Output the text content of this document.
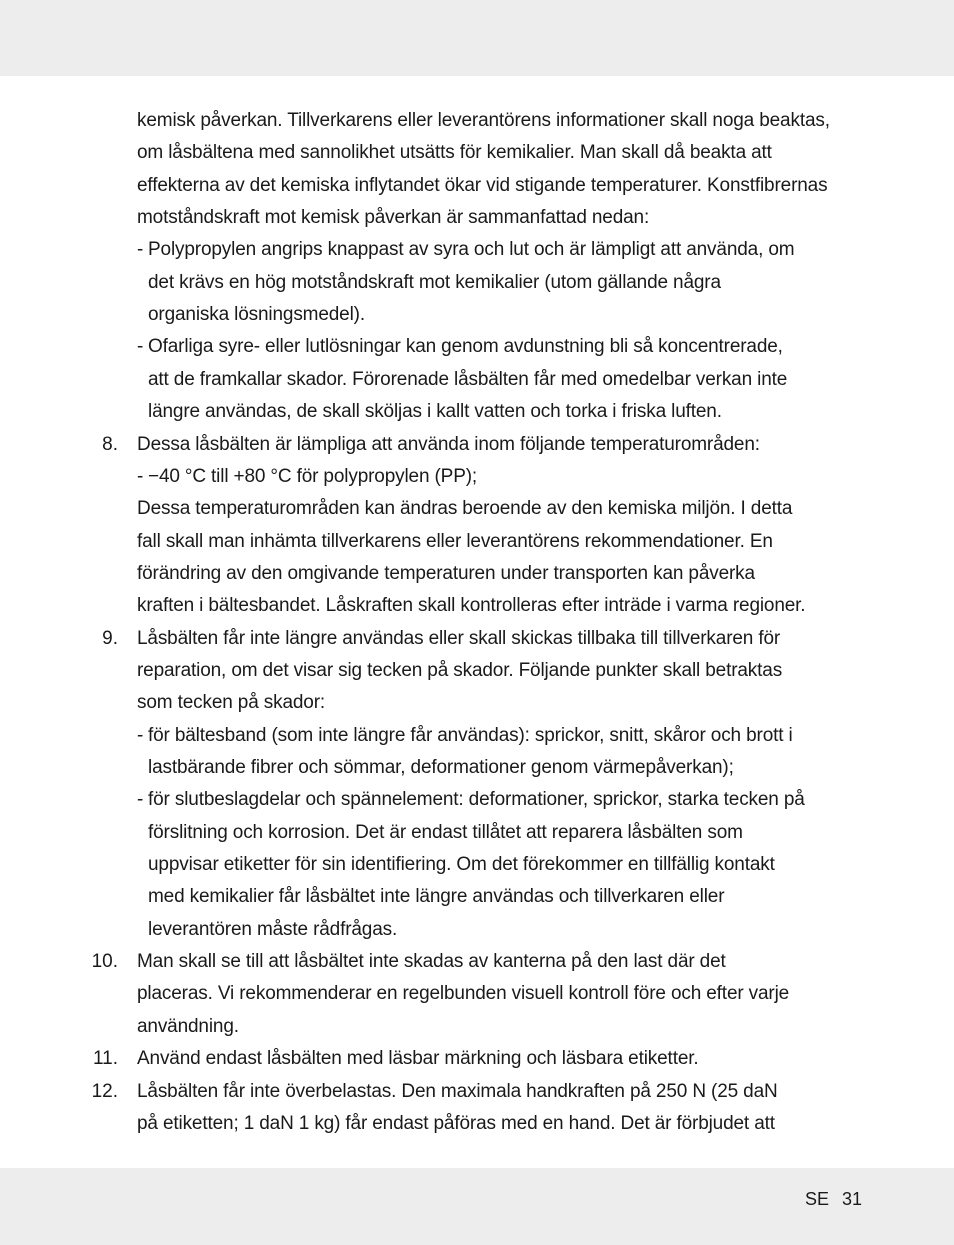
kemisk påverkan. Tillverkarens eller leverantörens informationer skall noga beaktas,
om låsbältena med sannolikhet utsätts för kemikalier. Man skall då beakta att
effekterna av det kemiska inflytandet ökar vid stigande temperaturer. Konstfibrernas
motståndskraft mot kemisk påverkan är sammanfattad nedan:
- Polypropylen angrips knappast av syra och lut och är lämpligt att använda, om
det krävs en hög motståndskraft mot kemikalier (utom gällande några
organiska lösningsmedel).
- Ofarliga syre- eller lutlösningar kan genom avdunstning bli så koncentrerade,
att de framkallar skador. Förorenade låsbälten får med omedelbar verkan inte
längre användas, de skall sköljas i kallt vatten och torka i friska luften.
8. Dessa låsbälten är lämpliga att använda inom följande temperaturområden:
- −40 °C till +80 °C för polypropylen (PP);
Dessa temperaturområden kan ändras beroende av den kemiska miljön. I detta
fall skall man inhämta tillverkarens eller leverantörens rekommendationer. En
förändring av den omgivande temperaturen under transporten kan påverka
kraften i bältesbandet. Låskraften skall kontrolleras efter inträde i varma regioner.
9. Låsbälten får inte längre användas eller skall skickas tillbaka till tillverkaren för
reparation, om det visar sig tecken på skador. Följande punkter skall betraktas
som tecken på skador:
- för bältesband (som inte längre får användas): sprickor, snitt, skåror och brott i
lastbärande fibrer och sömmar, deformationer genom värmepåverkan);
- för slutbeslagdelar och spännelement: deformationer, sprickor, starka tecken på
förslitning och korrosion. Det är endast tillåtet att reparera låsbälten som
uppvisar etiketter för sin identifiering. Om det förekommer en tillfällig kontakt
med kemikalier får låsbältet inte längre användas och tillverkaren eller
leverantören måste rådfrågas.
10. Man skall se till att låsbältet inte skadas av kanterna på den last där det
placeras. Vi rekommenderar en regelbunden visuell kontroll före och efter varje
användning.
11. Använd endast låsbälten med läsbar märkning och läsbara etiketter.
12. Låsbälten får inte överbelastas. Den maximala handkraften på 250 N (25 daN
på etiketten; 1 daN 1 kg) får endast påföras med en hand. Det är förbjudet att
SE 31
